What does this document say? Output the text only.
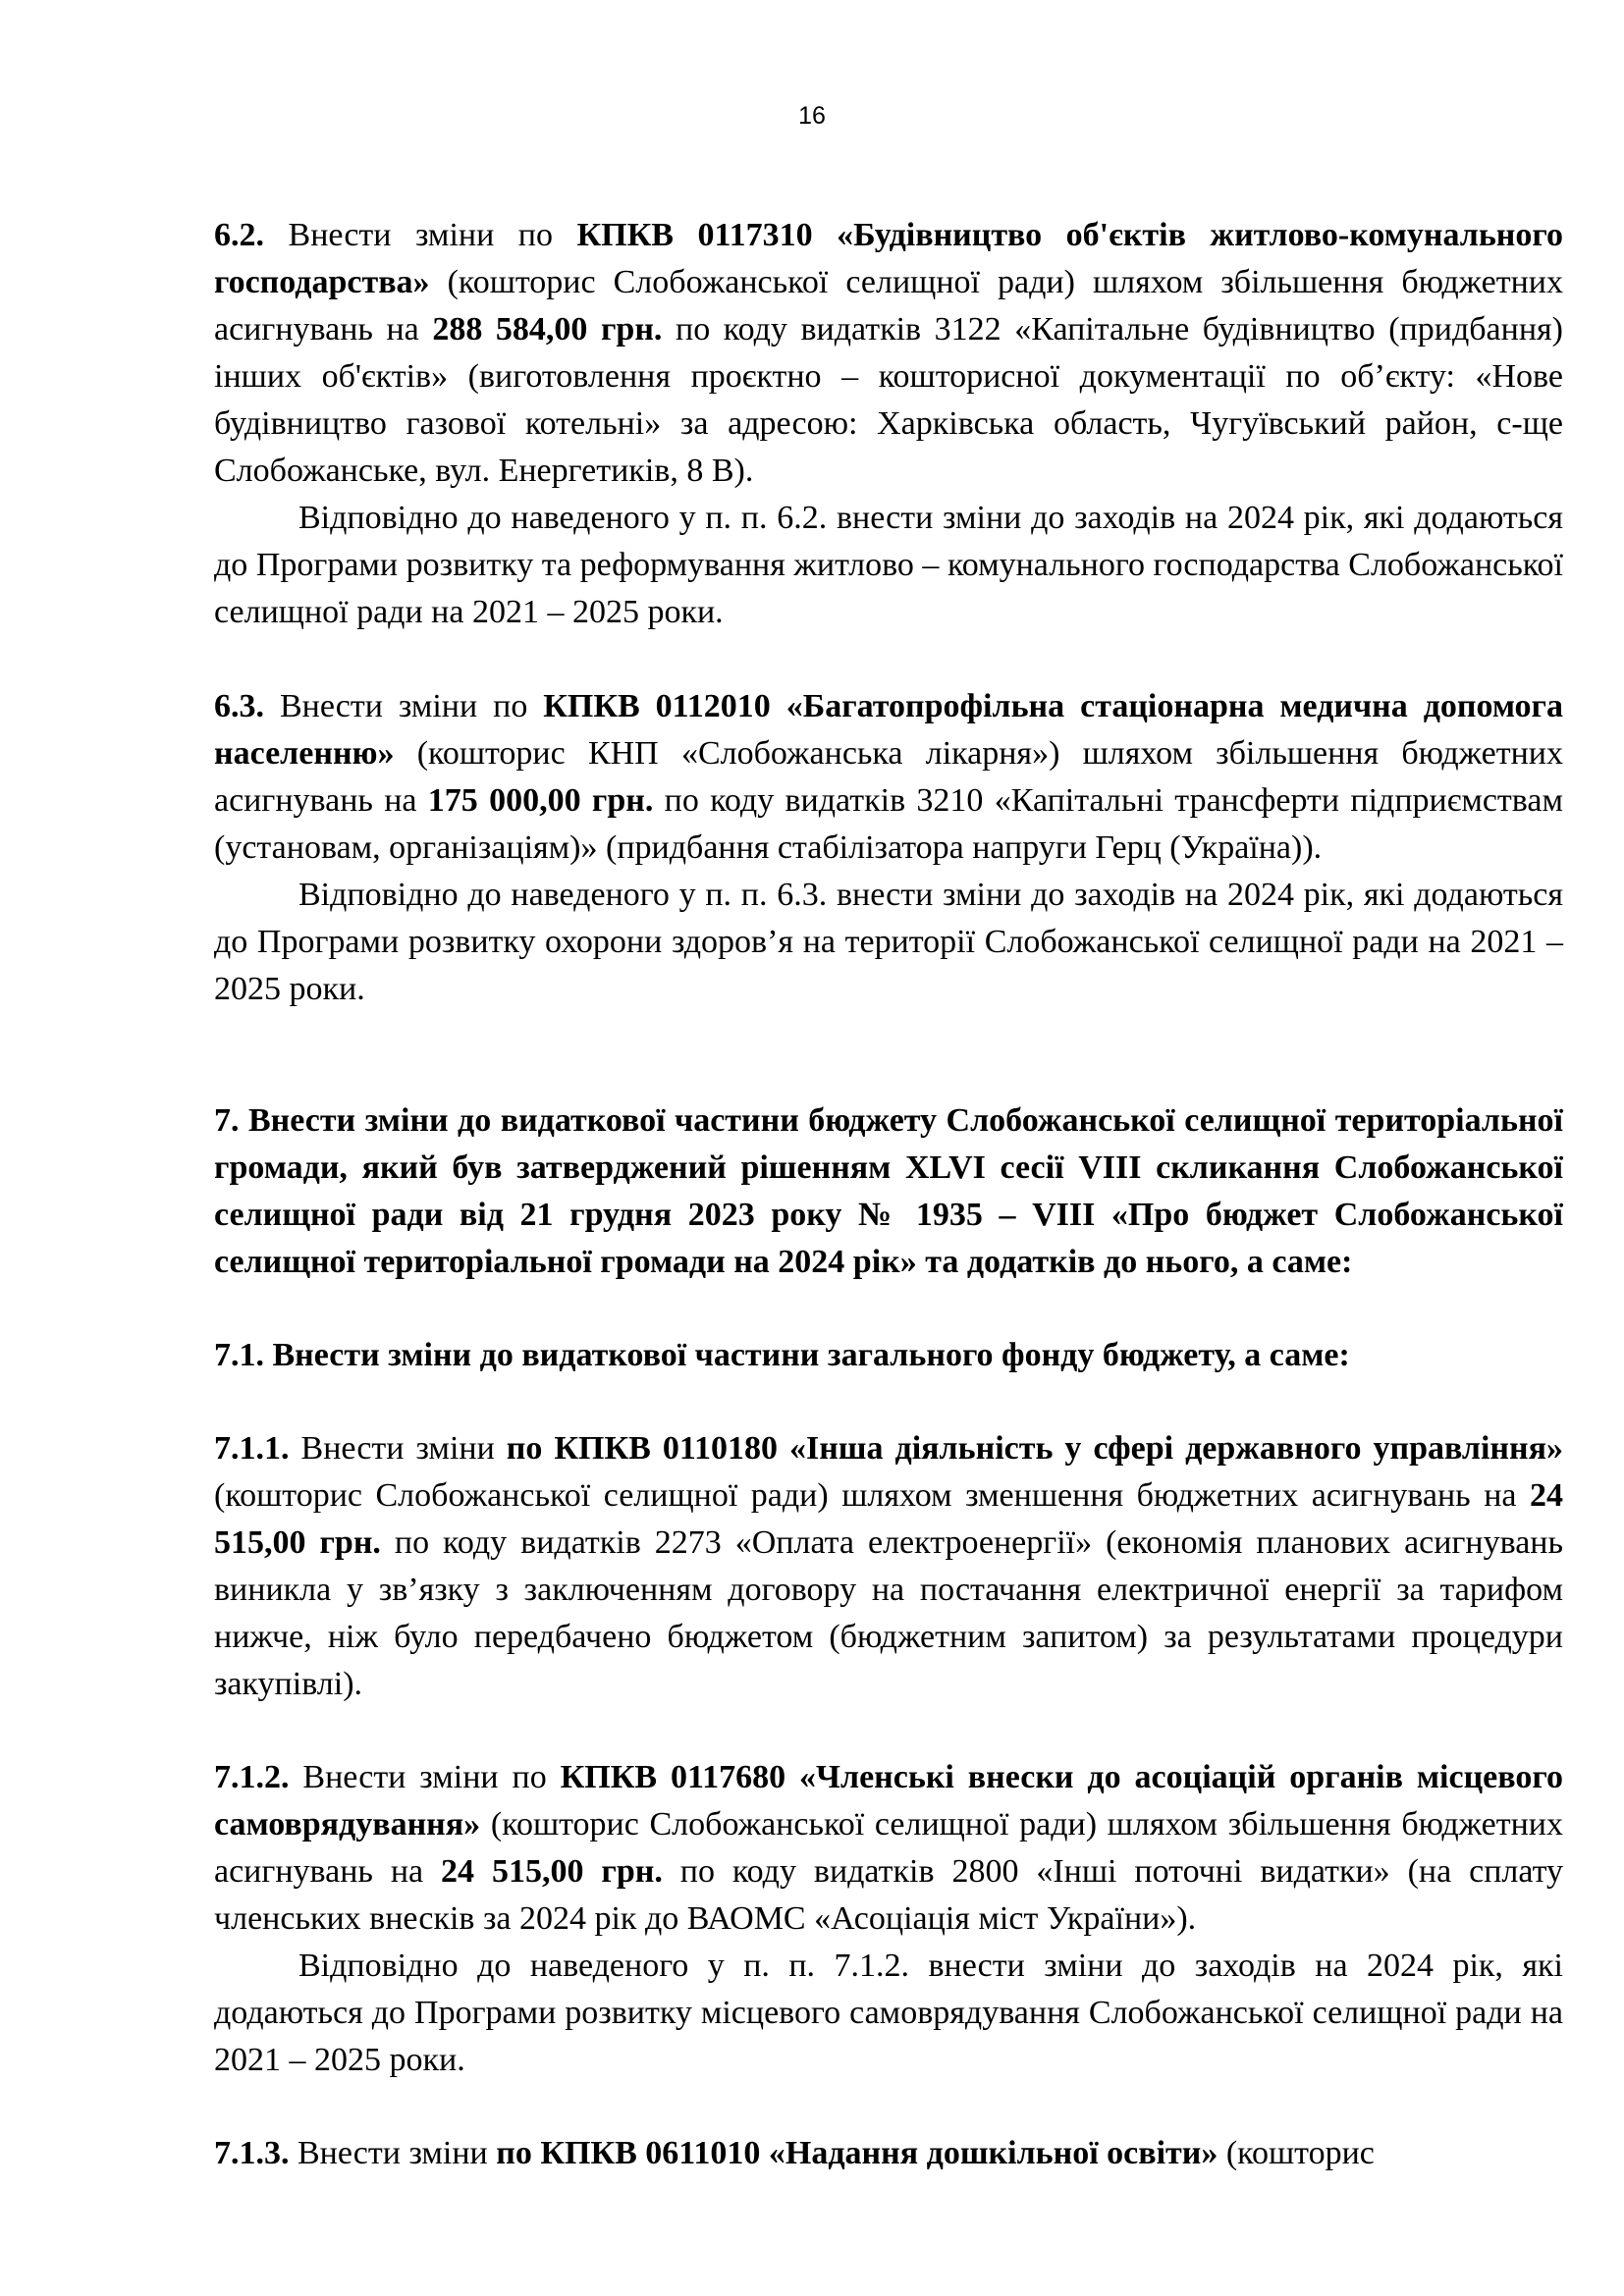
16

6.2. Внести зміни по КПКВ 0117310 «Будівництво об'єктів житлово-комунального господарства» (кошторис Слобожанської селищної ради) шляхом збільшення бюджетних асигнувань на 288 584,00 грн. по коду видатків 3122 «Капітальне будівництво (придбання) інших об'єктів» (виготовлення проєктно – кошторисної документації по об’єкту: «Нове будівництво газової котельні» за адресою: Харківська область, Чугуївський район, с-ще Слобожанське, вул. Енергетиків, 8 В).

Відповідно до наведеного у п. п. 6.2. внести зміни до заходів на 2024 рік, які додаються до Програми розвитку та реформування житлово – комунального господарства Слобожанської селищної ради на 2021 – 2025 роки.

6.3. Внести зміни по КПКВ 0112010 «Багатопрофільна стаціонарна медична допомога населенню» (кошторис КНП «Слобожанська лікарня») шляхом збільшення бюджетних асигнувань на 175 000,00 грн. по коду видатків 3210 «Капітальні трансферти підприємствам (установам, організаціям)» (придбання стабілізатора напруги Герц (Україна)).

Відповідно до наведеного у п. п. 6.3. внести зміни до заходів на 2024 рік, які додаються до Програми розвитку охорони здоров’я на території Слобожанської селищної ради на 2021 – 2025 роки.

7. Внести зміни до видаткової частини бюджету Слобожанської селищної територіальної громади, який був затверджений рішенням XLVI сесії VIII скликання Слобожанської селищної ради від 21 грудня 2023 року № 1935 – VIII «Про бюджет Слобожанської селищної територіальної громади на 2024 рік» та додатків до нього, а саме:

7.1. Внести зміни до видаткової частини загального фонду бюджету, а саме:

7.1.1. Внести зміни по КПКВ 0110180 «Інша діяльність у сфері державного управління» (кошторис Слобожанської селищної ради) шляхом зменшення бюджетних асигнувань на 24 515,00 грн. по коду видатків 2273 «Оплата електроенергії» (економія планових асигнувань виникла у зв’язку з заключенням договору на постачання електричної енергії за тарифом нижче, ніж було передбачено бюджетом (бюджетним запитом) за результатами процедури закупівлі).

7.1.2. Внести зміни по КПКВ 0117680 «Членські внески до асоціацій органів місцевого самоврядування» (кошторис Слобожанської селищної ради) шляхом збільшення бюджетних асигнувань на 24 515,00 грн. по коду видатків 2800 «Інші поточні видатки» (на сплату членських внесків за 2024 рік до ВАОМС «Асоціація міст України»).

Відповідно до наведеного у п. п. 7.1.2. внести зміни до заходів на 2024 рік, які додаються до Програми розвитку місцевого самоврядування Слобожанської селищної ради на 2021 – 2025 роки.

7.1.3. Внести зміни по КПКВ 0611010 «Надання дошкільної освіти» (кошторис
